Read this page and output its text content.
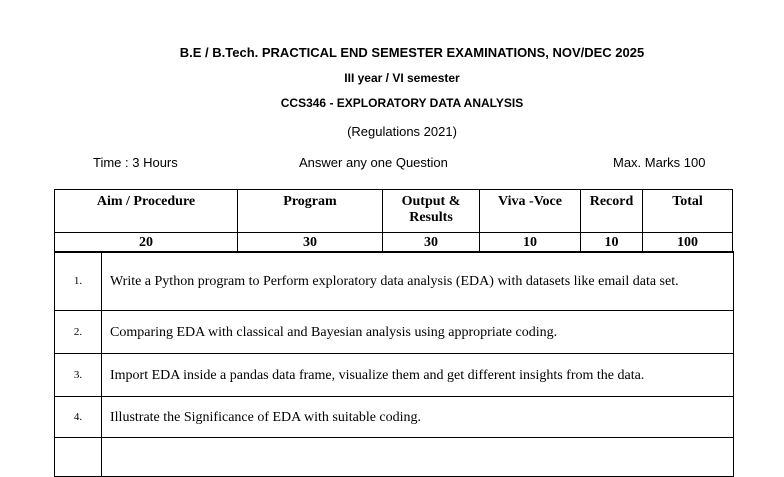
B.E / B.Tech. PRACTICAL END SEMESTER EXAMINATIONS, NOV/DEC 2025
III year / VI semester
CCS346 - EXPLORATORY DATA ANALYSIS
(Regulations 2021)
Time : 3 Hours	Answer any one Question	Max. Marks 100
Aim / Procedure	Program	Output & Results	Viva -Voce	Record	Total
20	30	30	10	10	100
1.	Write a Python program to Perform exploratory data analysis (EDA) with datasets like email data set.
2.	Comparing EDA with classical and Bayesian analysis using appropriate coding.
3.	Import EDA inside a pandas data frame, visualize them and get different insights from the data.
4.	Illustrate the Significance of EDA with suitable coding.
